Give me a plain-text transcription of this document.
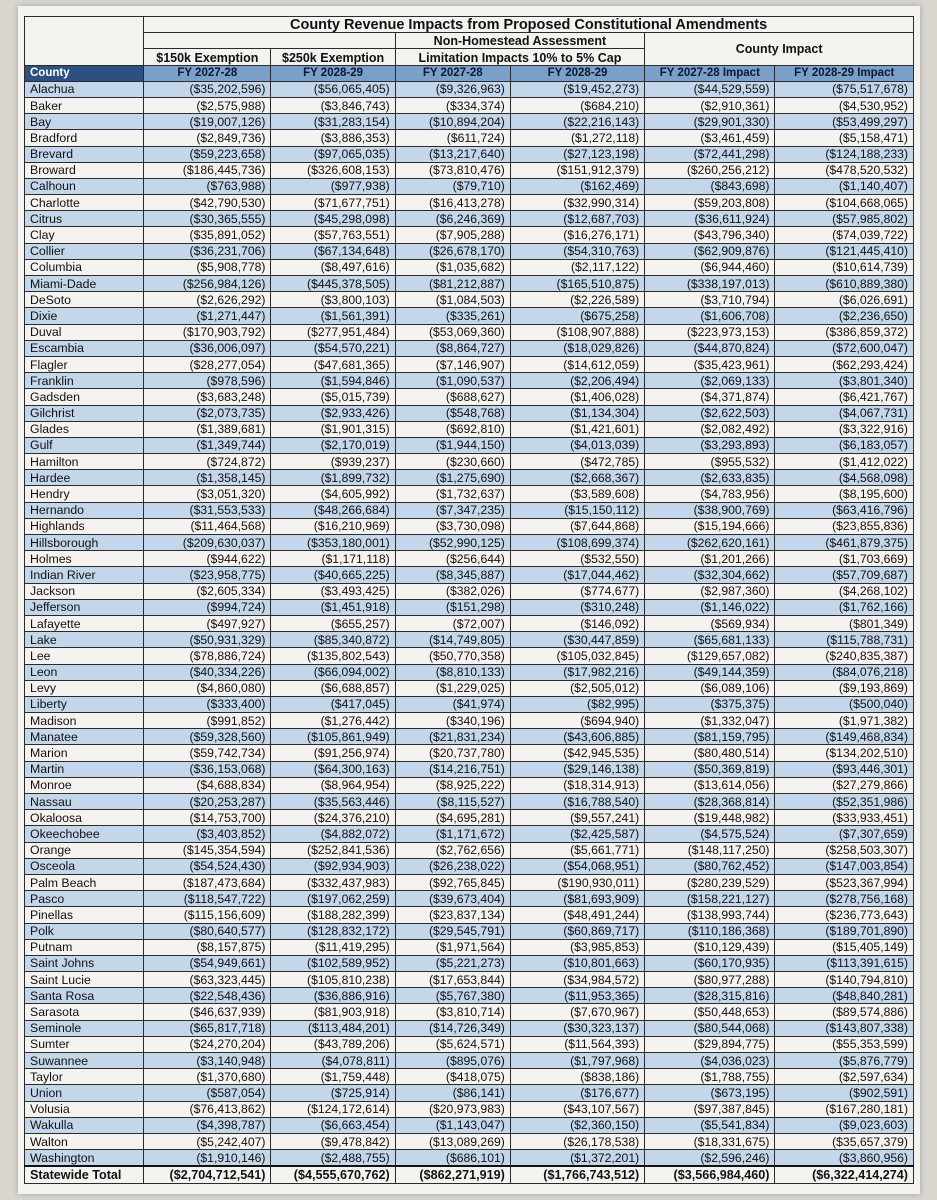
	County Revenue Impacts from Proposed Constitutional Amendments					
			Non-Homestead Assessment		County Impact	
	$150k Exemption	$250k Exemption	Limitation Impacts 10% to 5% Cap			
County	FY 2027-28	FY 2028-29	FY 2027-28	FY 2028-29	FY 2027-28 Impact	FY 2028-29 Impact
Alachua	($35,202,596)	($56,065,405)	($9,326,963)	($19,452,273)	($44,529,559)	($75,517,678)
Baker	($2,575,988)	($3,846,743)	($334,374)	($684,210)	($2,910,361)	($4,530,952)
Bay	($19,007,126)	($31,283,154)	($10,894,204)	($22,216,143)	($29,901,330)	($53,499,297)
Bradford	($2,849,736)	($3,886,353)	($611,724)	($1,272,118)	($3,461,459)	($5,158,471)
Brevard	($59,223,658)	($97,065,035)	($13,217,640)	($27,123,198)	($72,441,298)	($124,188,233)
Broward	($186,445,736)	($326,608,153)	($73,810,476)	($151,912,379)	($260,256,212)	($478,520,532)
Calhoun	($763,988)	($977,938)	($79,710)	($162,469)	($843,698)	($1,140,407)
Charlotte	($42,790,530)	($71,677,751)	($16,413,278)	($32,990,314)	($59,203,808)	($104,668,065)
Citrus	($30,365,555)	($45,298,098)	($6,246,369)	($12,687,703)	($36,611,924)	($57,985,802)
Clay	($35,891,052)	($57,763,551)	($7,905,288)	($16,276,171)	($43,796,340)	($74,039,722)
Collier	($36,231,706)	($67,134,648)	($26,678,170)	($54,310,763)	($62,909,876)	($121,445,410)
Columbia	($5,908,778)	($8,497,616)	($1,035,682)	($2,117,122)	($6,944,460)	($10,614,739)
Miami-Dade	($256,984,126)	($445,378,505)	($81,212,887)	($165,510,875)	($338,197,013)	($610,889,380)
DeSoto	($2,626,292)	($3,800,103)	($1,084,503)	($2,226,589)	($3,710,794)	($6,026,691)
Dixie	($1,271,447)	($1,561,391)	($335,261)	($675,258)	($1,606,708)	($2,236,650)
Duval	($170,903,792)	($277,951,484)	($53,069,360)	($108,907,888)	($223,973,153)	($386,859,372)
Escambia	($36,006,097)	($54,570,221)	($8,864,727)	($18,029,826)	($44,870,824)	($72,600,047)
Flagler	($28,277,054)	($47,681,365)	($7,146,907)	($14,612,059)	($35,423,961)	($62,293,424)
Franklin	($978,596)	($1,594,846)	($1,090,537)	($2,206,494)	($2,069,133)	($3,801,340)
Gadsden	($3,683,248)	($5,015,739)	($688,627)	($1,406,028)	($4,371,874)	($6,421,767)
Gilchrist	($2,073,735)	($2,933,426)	($548,768)	($1,134,304)	($2,622,503)	($4,067,731)
Glades	($1,389,681)	($1,901,315)	($692,810)	($1,421,601)	($2,082,492)	($3,322,916)
Gulf	($1,349,744)	($2,170,019)	($1,944,150)	($4,013,039)	($3,293,893)	($6,183,057)
Hamilton	($724,872)	($939,237)	($230,660)	($472,785)	($955,532)	($1,412,022)
Hardee	($1,358,145)	($1,899,732)	($1,275,690)	($2,668,367)	($2,633,835)	($4,568,098)
Hendry	($3,051,320)	($4,605,992)	($1,732,637)	($3,589,608)	($4,783,956)	($8,195,600)
Hernando	($31,553,533)	($48,266,684)	($7,347,235)	($15,150,112)	($38,900,769)	($63,416,796)
Highlands	($11,464,568)	($16,210,969)	($3,730,098)	($7,644,868)	($15,194,666)	($23,855,836)
Hillsborough	($209,630,037)	($353,180,001)	($52,990,125)	($108,699,374)	($262,620,161)	($461,879,375)
Holmes	($944,622)	($1,171,118)	($256,644)	($532,550)	($1,201,266)	($1,703,669)
Indian River	($23,958,775)	($40,665,225)	($8,345,887)	($17,044,462)	($32,304,662)	($57,709,687)
Jackson	($2,605,334)	($3,493,425)	($382,026)	($774,677)	($2,987,360)	($4,268,102)
Jefferson	($994,724)	($1,451,918)	($151,298)	($310,248)	($1,146,022)	($1,762,166)
Lafayette	($497,927)	($655,257)	($72,007)	($146,092)	($569,934)	($801,349)
Lake	($50,931,329)	($85,340,872)	($14,749,805)	($30,447,859)	($65,681,133)	($115,788,731)
Lee	($78,886,724)	($135,802,543)	($50,770,358)	($105,032,845)	($129,657,082)	($240,835,387)
Leon	($40,334,226)	($66,094,002)	($8,810,133)	($17,982,216)	($49,144,359)	($84,076,218)
Levy	($4,860,080)	($6,688,857)	($1,229,025)	($2,505,012)	($6,089,106)	($9,193,869)
Liberty	($333,400)	($417,045)	($41,974)	($82,995)	($375,375)	($500,040)
Madison	($991,852)	($1,276,442)	($340,196)	($694,940)	($1,332,047)	($1,971,382)
Manatee	($59,328,560)	($105,861,949)	($21,831,234)	($43,606,885)	($81,159,795)	($149,468,834)
Marion	($59,742,734)	($91,256,974)	($20,737,780)	($42,945,535)	($80,480,514)	($134,202,510)
Martin	($36,153,068)	($64,300,163)	($14,216,751)	($29,146,138)	($50,369,819)	($93,446,301)
Monroe	($4,688,834)	($8,964,954)	($8,925,222)	($18,314,913)	($13,614,056)	($27,279,866)
Nassau	($20,253,287)	($35,563,446)	($8,115,527)	($16,788,540)	($28,368,814)	($52,351,986)
Okaloosa	($14,753,700)	($24,376,210)	($4,695,281)	($9,557,241)	($19,448,982)	($33,933,451)
Okeechobee	($3,403,852)	($4,882,072)	($1,171,672)	($2,425,587)	($4,575,524)	($7,307,659)
Orange	($145,354,594)	($252,841,536)	($2,762,656)	($5,661,771)	($148,117,250)	($258,503,307)
Osceola	($54,524,430)	($92,934,903)	($26,238,022)	($54,068,951)	($80,762,452)	($147,003,854)
Palm Beach	($187,473,684)	($332,437,983)	($92,765,845)	($190,930,011)	($280,239,529)	($523,367,994)
Pasco	($118,547,722)	($197,062,259)	($39,673,404)	($81,693,909)	($158,221,127)	($278,756,168)
Pinellas	($115,156,609)	($188,282,399)	($23,837,134)	($48,491,244)	($138,993,744)	($236,773,643)
Polk	($80,640,577)	($128,832,172)	($29,545,791)	($60,869,717)	($110,186,368)	($189,701,890)
Putnam	($8,157,875)	($11,419,295)	($1,971,564)	($3,985,853)	($10,129,439)	($15,405,149)
Saint Johns	($54,949,661)	($102,589,952)	($5,221,273)	($10,801,663)	($60,170,935)	($113,391,615)
Saint Lucie	($63,323,445)	($105,810,238)	($17,653,844)	($34,984,572)	($80,977,288)	($140,794,810)
Santa Rosa	($22,548,436)	($36,886,916)	($5,767,380)	($11,953,365)	($28,315,816)	($48,840,281)
Sarasota	($46,637,939)	($81,903,918)	($3,810,714)	($7,670,967)	($50,448,653)	($89,574,886)
Seminole	($65,817,718)	($113,484,201)	($14,726,349)	($30,323,137)	($80,544,068)	($143,807,338)
Sumter	($24,270,204)	($43,789,206)	($5,624,571)	($11,564,393)	($29,894,775)	($55,353,599)
Suwannee	($3,140,948)	($4,078,811)	($895,076)	($1,797,968)	($4,036,023)	($5,876,779)
Taylor	($1,370,680)	($1,759,448)	($418,075)	($838,186)	($1,788,755)	($2,597,634)
Union	($587,054)	($725,914)	($86,141)	($176,677)	($673,195)	($902,591)
Volusia	($76,413,862)	($124,172,614)	($20,973,983)	($43,107,567)	($97,387,845)	($167,280,181)
Wakulla	($4,398,787)	($6,663,454)	($1,143,047)	($2,360,150)	($5,541,834)	($9,023,603)
Walton	($5,242,407)	($9,478,842)	($13,089,269)	($26,178,538)	($18,331,675)	($35,657,379)
Washington	($1,910,146)	($2,488,755)	($686,101)	($1,372,201)	($2,596,246)	($3,860,956)
Statewide Total	($2,704,712,541)	($4,555,670,762)	($862,271,919)	($1,766,743,512)	($3,566,984,460)	($6,322,414,274)
